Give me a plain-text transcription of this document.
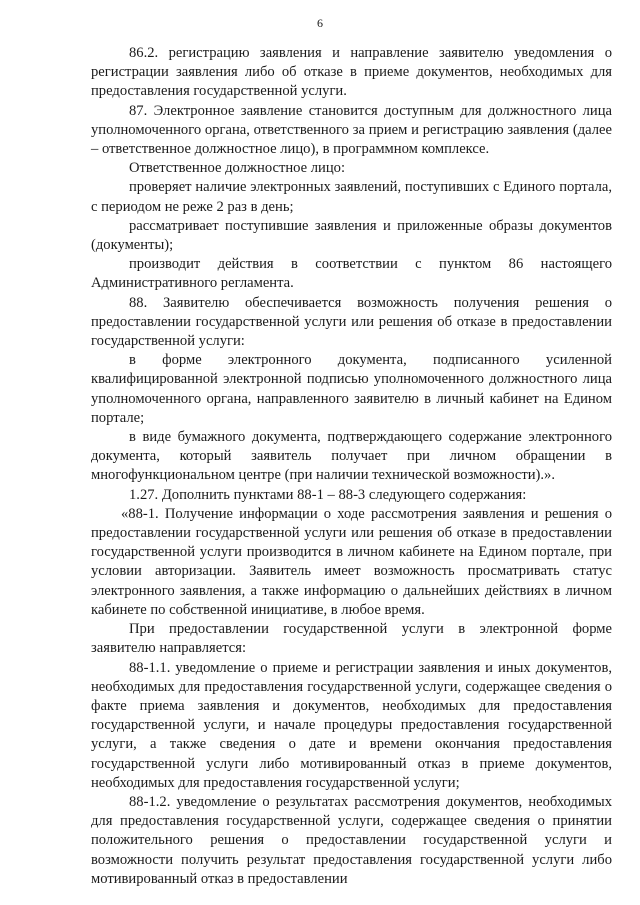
6

86.2. регистрацию заявления и направление заявителю уведомления о регистрации заявления либо об отказе в приеме документов, необходимых для предоставления государственной услуги.

87. Электронное заявление становится доступным для должностного лица уполномоченного органа, ответственного за прием и регистрацию заявления (далее – ответственное должностное лицо), в программном комплексе.

Ответственное должностное лицо:

проверяет наличие электронных заявлений, поступивших с Единого портала, с периодом не реже 2 раз в день;

рассматривает поступившие заявления и приложенные образы документов (документы);

производит действия в соответствии с пунктом 86 настоящего Административного регламента.

88. Заявителю обеспечивается возможность получения решения о предоставлении государственной услуги или решения об отказе в предоставлении государственной услуги:

в форме электронного документа, подписанного усиленной квалифицированной электронной подписью уполномоченного должностного лица уполномоченного органа, направленного заявителю в личный кабинет на Едином портале;

в виде бумажного документа, подтверждающего содержание электронного документа, который заявитель получает при личном обращении в многофункциональном центре (при наличии технической возможности).».

1.27. Дополнить пунктами 88-1 – 88-3 следующего содержания:

«88-1. Получение информации о ходе рассмотрения заявления и решения о предоставлении государственной услуги или решения об отказе в предоставлении государственной услуги производится в личном кабинете на Едином портале, при условии авторизации. Заявитель имеет возможность просматривать статус электронного заявления, а также информацию о дальнейших действиях в личном кабинете по собственной инициативе, в любое время.

При предоставлении государственной услуги в электронной форме заявителю направляется:

88-1.1. уведомление о приеме и регистрации заявления и иных документов, необходимых для предоставления государственной услуги, содержащее сведения о факте приема заявления и документов, необходимых для предоставления государственной услуги, и начале процедуры предоставления государственной услуги, а также сведения о дате и времени окончания предоставления государственной услуги либо мотивированный отказ в приеме документов, необходимых для предоставления государственной услуги;

88-1.2. уведомление о результатах рассмотрения документов, необходимых для предоставления государственной услуги, содержащее сведения о принятии положительного решения о предоставлении государственной услуги и возможности получить результат предоставления государственной услуги либо мотивированный отказ в предоставлении
